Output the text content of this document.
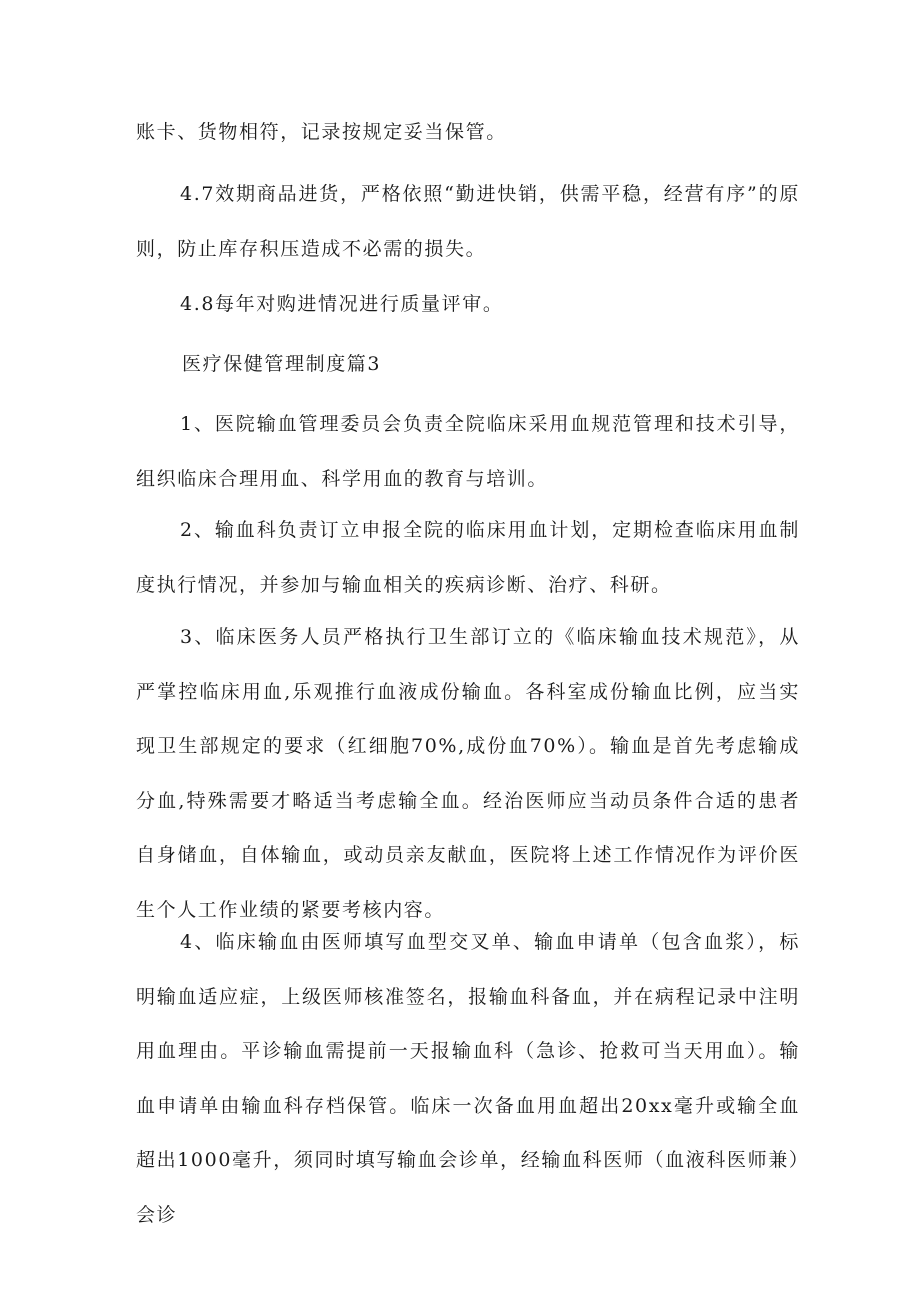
账卡、货物相符，记录按规定妥当保管。

4.7效期商品进货，严格依照“勤进快销，供需平稳，经营有序”的原则，防止库存积压造成不必需的损失。

4.8每年对购进情况进行质量评审。

医疗保健管理制度篇3

1、医院输血管理委员会负责全院临床采用血规范管理和技术引导，组织临床合理用血、科学用血的教育与培训。

2、输血科负责订立申报全院的临床用血计划，定期检查临床用血制度执行情况，并参加与输血相关的疾病诊断、治疗、科研。

3、临床医务人员严格执行卫生部订立的《临床输血技术规范》，从严掌控临床用血,乐观推行血液成份输血。各科室成份输血比例，应当实现卫生部规定的要求（红细胞70%,成份血70%）。输血是首先考虑输成分血,特殊需要才略适当考虑输全血。经治医师应当动员条件合适的患者自身储血，自体输血，或动员亲友献血，医院将上述工作情况作为评价医生个人工作业绩的紧要考核内容。

4、临床输血由医师填写血型交叉单、输血申请单（包含血浆），标明输血适应症，上级医师核准签名，报输血科备血，并在病程记录中注明用血理由。平诊输血需提前一天报输血科（急诊、抢救可当天用血）。输血申请单由输血科存档保管。临床一次备血用血超出20xx毫升或输全血超出1000毫升，须同时填写输血会诊单，经输血科医师（血液科医师兼）会诊
